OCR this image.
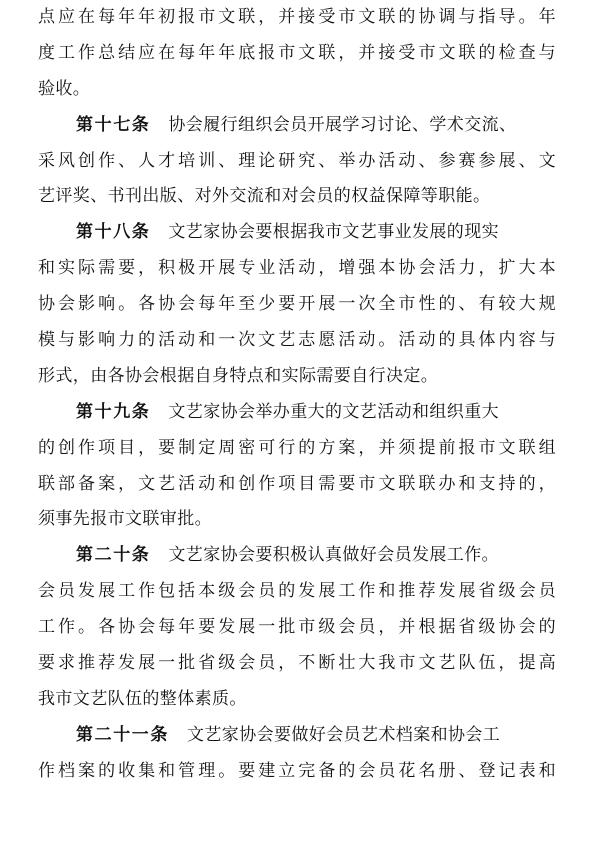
点应在每年年初报市文联，并接受市文联的协调与指导。年
度工作总结应在每年年底报市文联，并接受市文联的检查与
验收。
第十七条 协会履行组织会员开展学习讨论、学术交流、
采风创作、人才培训、理论研究、举办活动、参赛参展、文
艺评奖、书刊出版、对外交流和对会员的权益保障等职能。
第十八条 文艺家协会要根据我市文艺事业发展的现实
和实际需要，积极开展专业活动，增强本协会活力，扩大本
协会影响。各协会每年至少要开展一次全市性的、有较大规
模与影响力的活动和一次文艺志愿活动。活动的具体内容与
形式，由各协会根据自身特点和实际需要自行决定。
第十九条 文艺家协会举办重大的文艺活动和组织重大
的创作项目，要制定周密可行的方案，并须提前报市文联组
联部备案，文艺活动和创作项目需要市文联联办和支持的，
须事先报市文联审批。
第二十条 文艺家协会要积极认真做好会员发展工作。
会员发展工作包括本级会员的发展工作和推荐发展省级会员
工作。各协会每年要发展一批市级会员，并根据省级协会的
要求推荐发展一批省级会员，不断壮大我市文艺队伍，提高
我市文艺队伍的整体素质。
第二十一条 文艺家协会要做好会员艺术档案和协会工
作档案的收集和管理。要建立完备的会员花名册、登记表和
